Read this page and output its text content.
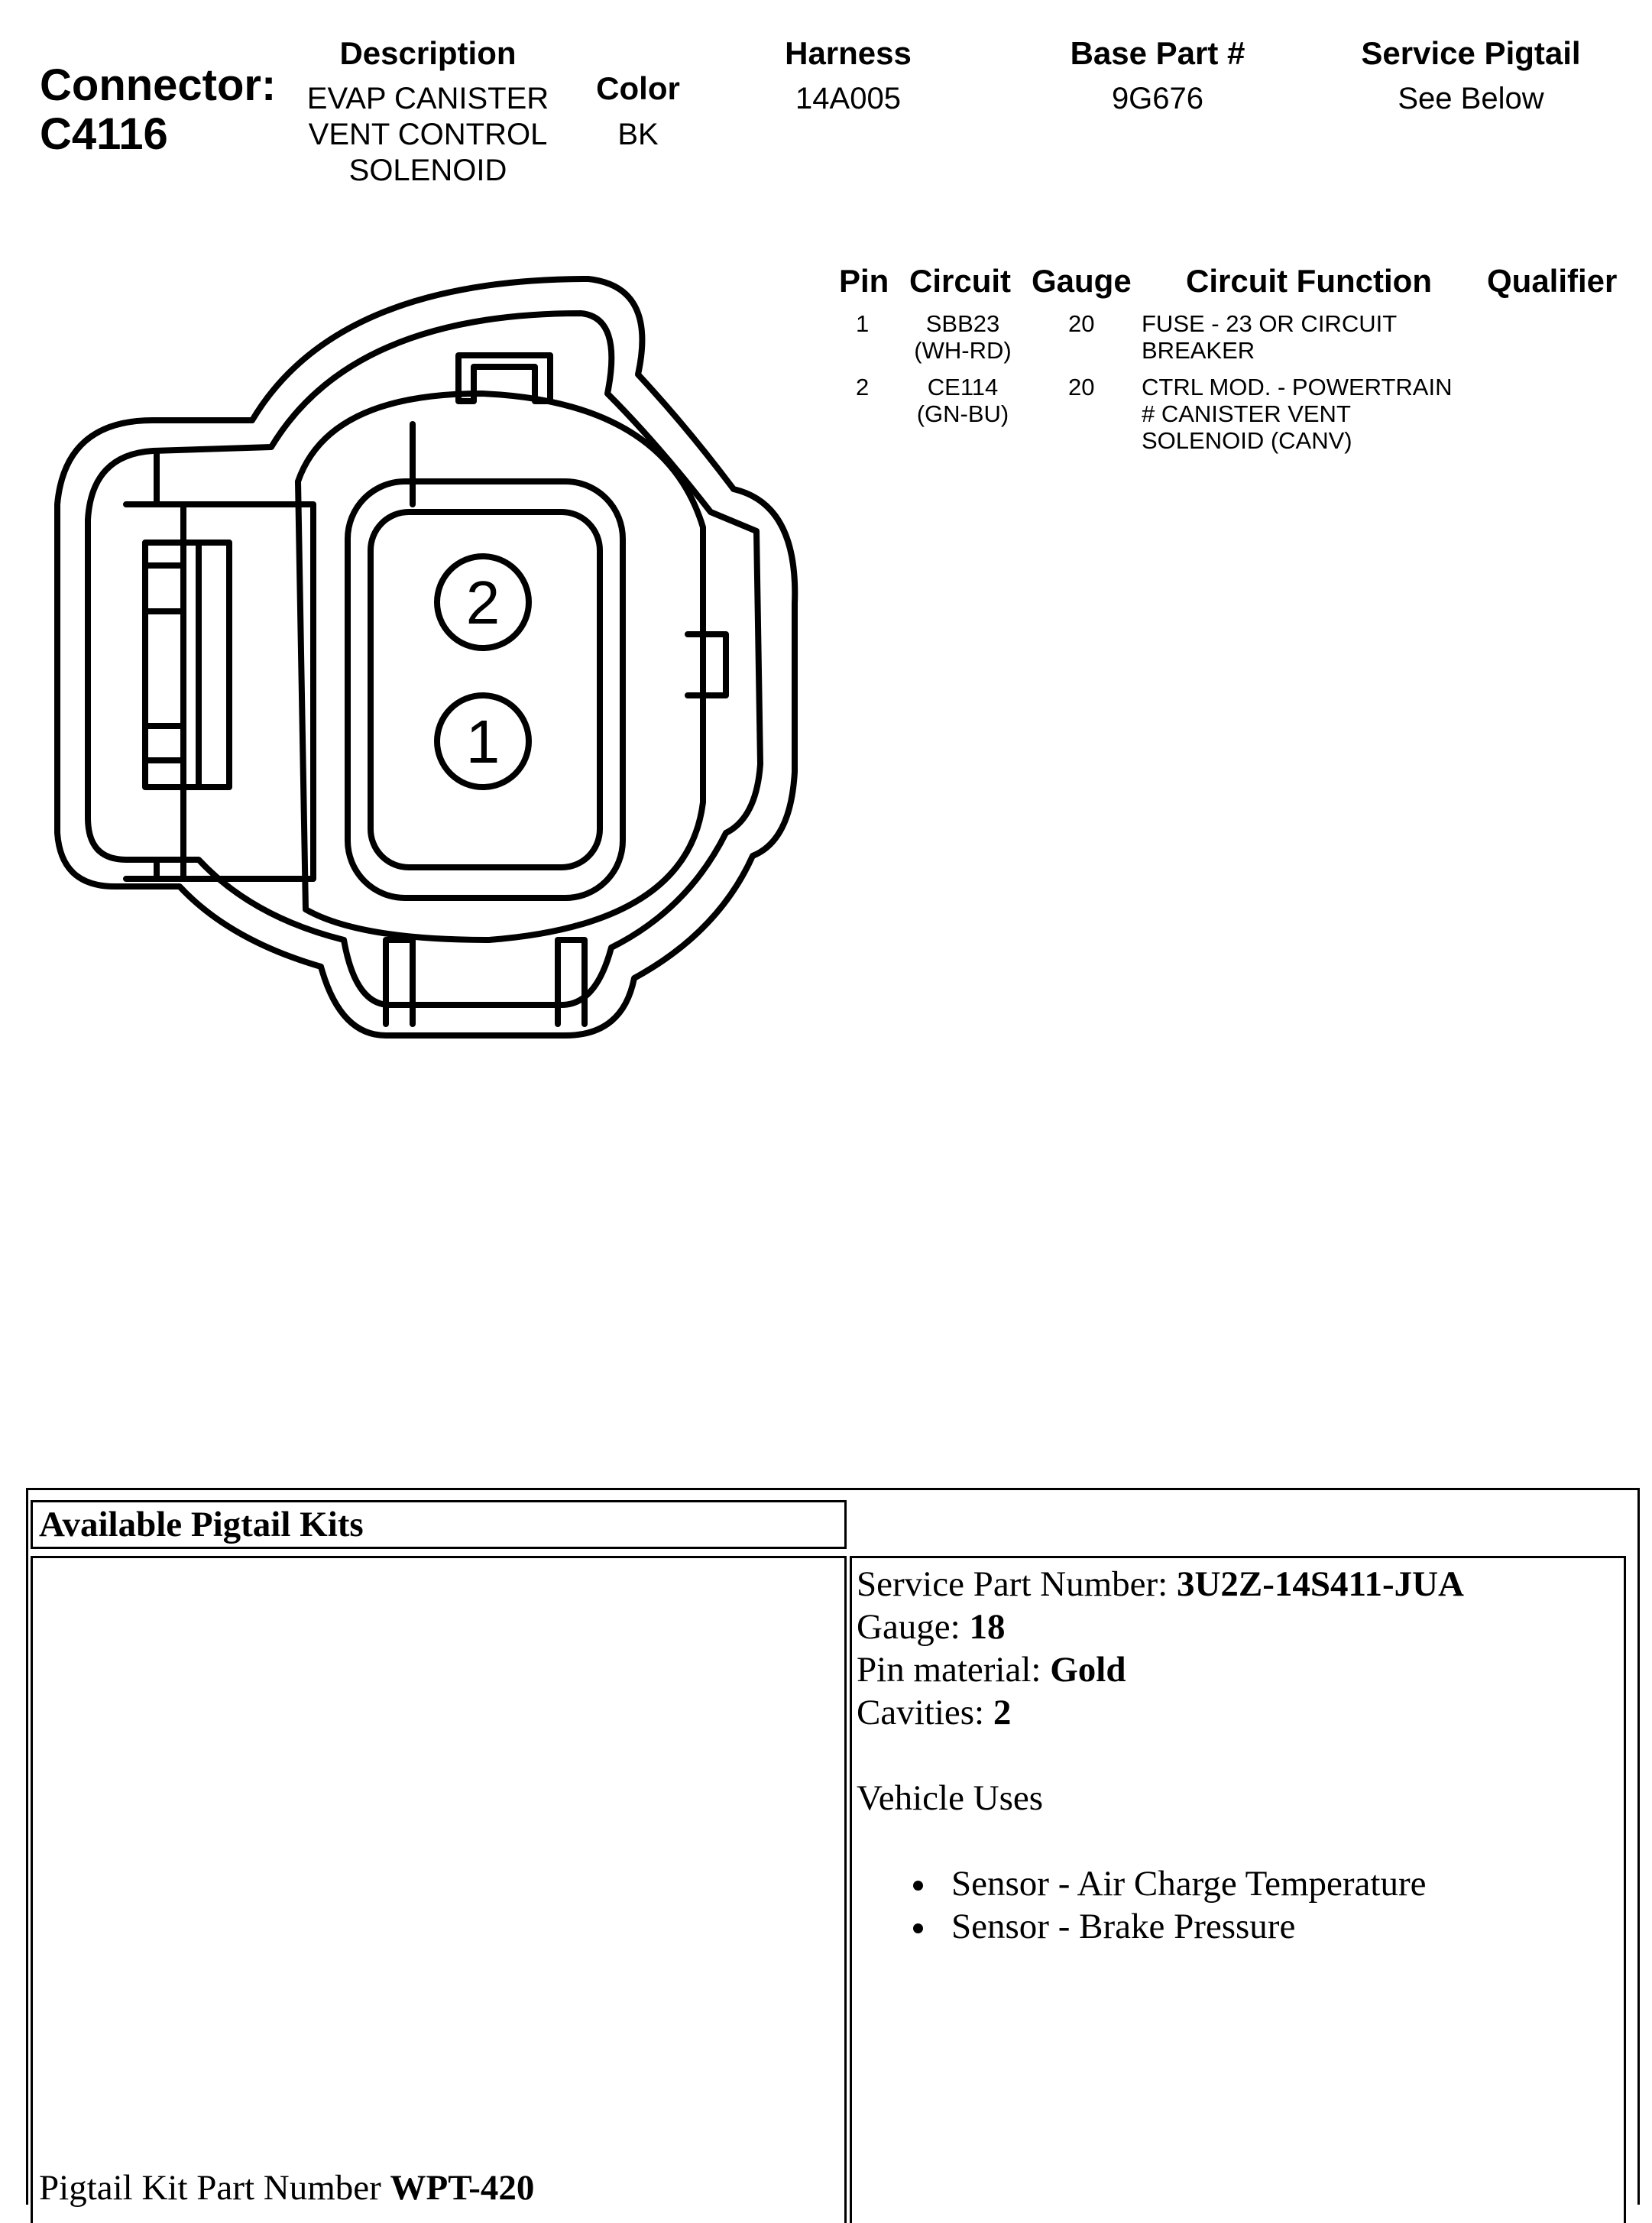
Connector:
C4116
Description
EVAP CANISTER
VENT CONTROL
SOLENOID
Color
BK
Harness
14A005
Base Part #
9G676
Service Pigtail
See Below
Pin Circuit Gauge Circuit Function Qualifier
1	SBB23
(WH-RD)
20 FUSE - 23 OR CIRCUIT
BREAKER
2	CE114
(GN-BU)
20 CTRL MOD. - POWERTRAIN
# CANISTER VENT
SOLENOID (CANV)
2
1
Available Pigtail Kits
Pigtail Kit Part Number WPT-420
Service Part Number: 3U2Z-14S411-JUA
Gauge: 18
Pin material: Gold
Cavities: 2
Vehicle Uses
Sensor - Air Charge Temperature
Sensor - Brake Pressure
